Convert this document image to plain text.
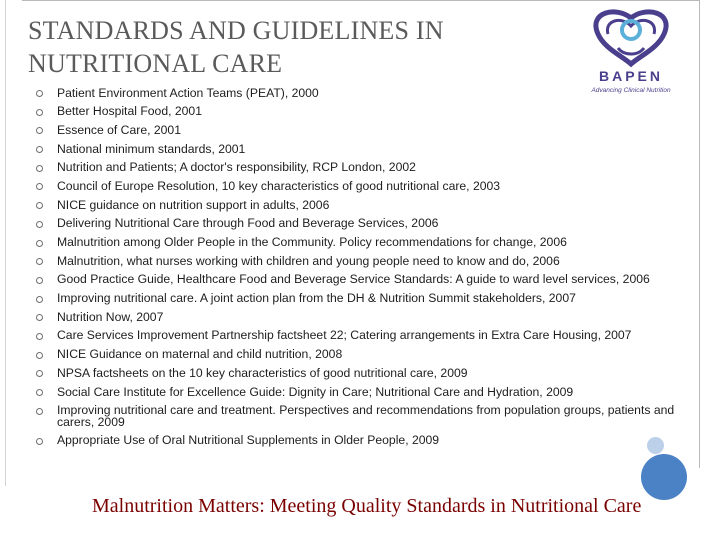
STANDARDS AND GUIDELINES IN
NUTRITIONAL CARE	BAPEN
Advancing Clinical Nutrition
Patient Environment Action Teams (PEAT), 2000
Better Hospital Food, 2001
Essence of Care, 2001
National minimum standards, 2001
Nutrition and Patients; A doctor's responsibility, RCP London, 2002
Council of Europe Resolution, 10 key characteristics of good nutritional care, 2003
NICE guidance on nutrition support in adults, 2006
Delivering Nutritional Care through Food and Beverage Services, 2006
Malnutrition among Older People in the Community. Policy recommendations for change, 2006
Malnutrition, what nurses working with children and young people need to know and do, 2006
Good Practice Guide, Healthcare Food and Beverage Service Standards: A guide to ward level services, 2006
Improving nutritional care. A joint action plan from the DH & Nutrition Summit stakeholders, 2007
Nutrition Now, 2007
Care Services Improvement Partnership factsheet 22; Catering arrangements in Extra Care Housing, 2007
NICE Guidance on maternal and child nutrition, 2008
NPSA factsheets on the 10 key characteristics of good nutritional care, 2009
Social Care Institute for Excellence Guide: Dignity in Care; Nutritional Care and Hydration, 2009
Improving nutritional care and treatment. Perspectives and recommendations from population groups, patients and carers, 2009
Appropriate Use of Oral Nutritional Supplements in Older People, 2009
Malnutrition Matters: Meeting Quality Standards in Nutritional Care
